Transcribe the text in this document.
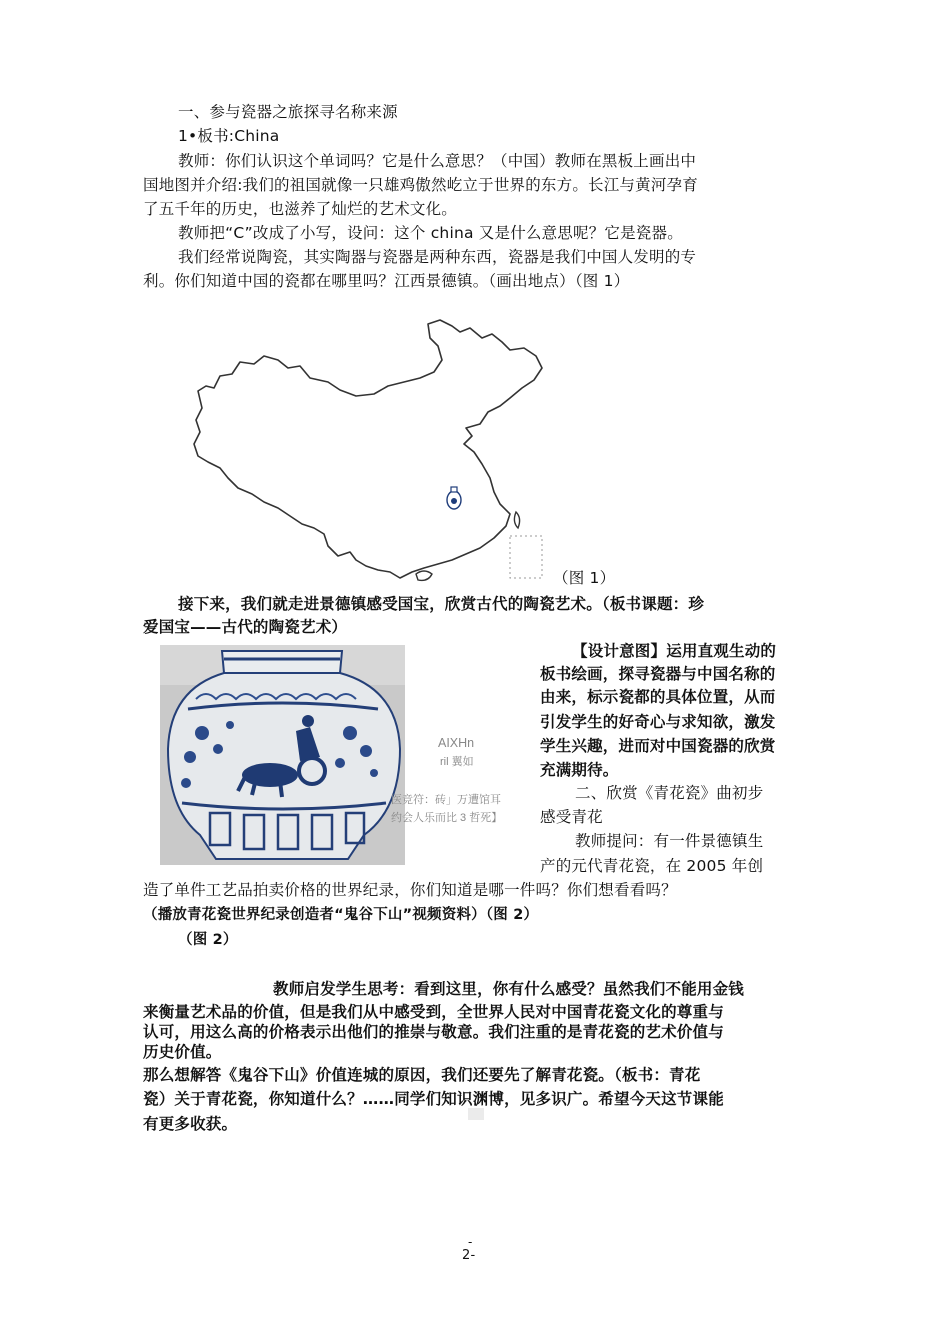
一、参与瓷器之旅探寻名称来源
1•板书:China
教师：你们认识这个单词吗？它是什么意思？（中国）教师在黑板上画出中
国地图并介绍:我们的祖国就像一只雄鸡傲然屹立于世界的东方。长江与黄河孕育
了五千年的历史，也滋养了灿烂的艺术文化。
教师把“C”改成了小写，设问：这个 china 又是什么意思呢？它是瓷器。
我们经常说陶瓷，其实陶器与瓷器是两种东西，瓷器是我们中国人发明的专
利。你们知道中国的瓷都在哪里吗？江西景德镇。（画出地点）（图 1）
（图 1）
接下来，我们就走进景德镇感受国宝，欣赏古代的陶瓷艺术。（板书课题：珍
爱国宝——古代的陶瓷艺术）
AIXHn
ril 翼如
医竞符：砖」万遭馆耳
约会人乐而比 3 哲死】
【设计意图】运用直观生动的
板书绘画，探寻瓷器与中国名称的
由来，标示瓷都的具体位置，从而
引发学生的好奇心与求知欲，激发
学生兴趣，进而对中国瓷器的欣赏
充满期待。
二、欣赏《青花瓷》曲初步
感受青花
教师提问：有一件景德镇生
产的元代青花瓷，在 2005 年创
造了单件工艺品拍卖价格的世界纪录，你们知道是哪一件吗？你们想看看吗？
（播放青花瓷世界纪录创造者“鬼谷下山”视频资料）（图 2）
（图 2）
教师启发学生思考：看到这里，你有什么感受？虽然我们不能用金钱
来衡量艺术品的价值，但是我们从中感受到，全世界人民对中国青花瓷文化的尊重与
认可，用这么高的价格表示出他们的推崇与敬意。我们注重的是青花瓷的艺术价值与
历史价值。
那么想解答《鬼谷下山》价值连城的原因，我们还要先了解青花瓷。（板书：青花
瓷）关于青花瓷，你知道什么？……同学们知识渊博，见多识广。希望今天这节课能
有更多收获。
-
2-
